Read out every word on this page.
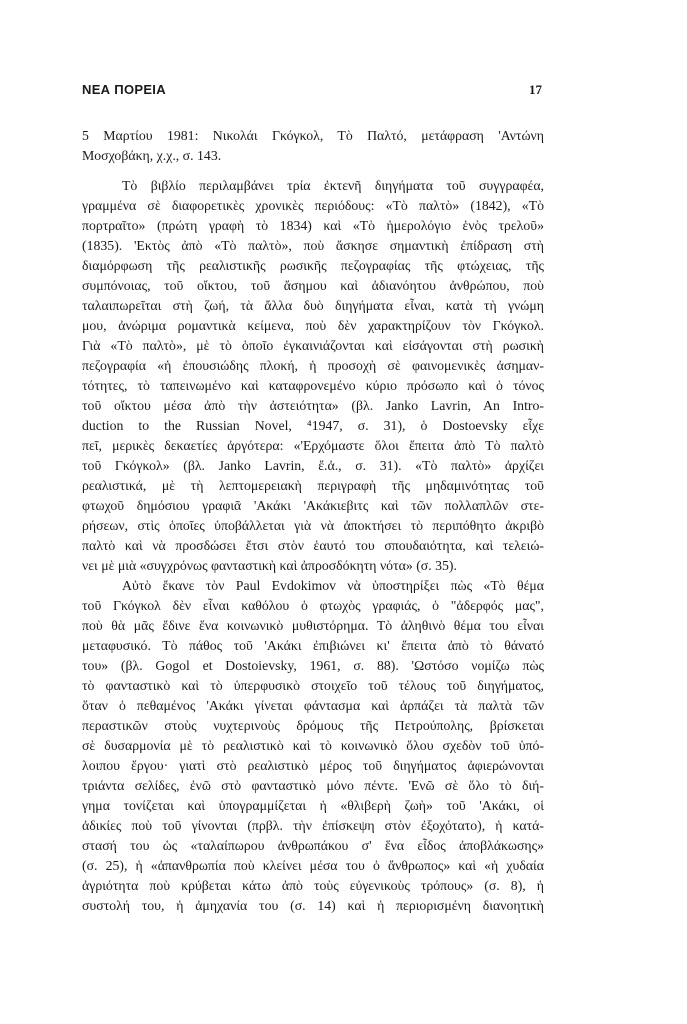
ΝΕΑ ΠΟΡΕΙΑ	17
5 Μαρτίου 1981: Νικολάι Γκόγκολ, Τὸ Παλτό, μετάφραση 'Αντώνη
Μοσχοβάκη, χ.χ., σ. 143.
Τὸ βιβλίο περιλαμβάνει τρία ἐκτενῆ διηγήματα τοῦ συγγραφέα,
γραμμένα σὲ διαφορετικὲς χρονικὲς περιόδους: «Τὸ παλτὸ» (1842), «Τὸ
πορτραῖτο» (πρώτη γραφὴ τὸ 1834) καὶ «Τὸ ἡμερολόγιο ἑνὸς τρελοῦ»
(1835). 'Εκτὸς ἀπὸ «Τὸ παλτὸ», ποὺ ἄσκησε σημαντικὴ ἐπίδραση στὴ
διαμόρφωση τῆς ρεαλιστικῆς ρωσικῆς πεζογραφίας τῆς φτώχειας, τῆς
συμπόνοιας, τοῦ οἴκτου, τοῦ ἄσημου καὶ ἀδιανόητου ἀνθρώπου, ποὺ
ταλαιπωρεῖται στὴ ζωή, τὰ ἄλλα δυὸ διηγήματα εἶναι, κατὰ τὴ γνώμη
μου, ἀνώριμα ρομαντικὰ κείμενα, ποὺ δὲν χαρακτηρίζουν τὸν Γκόγκολ.
Γιὰ «Τὸ παλτὸ», μὲ τὸ ὁποῖο ἐγκαινιάζονται καὶ εἰσάγονται στὴ ρωσικὴ
πεζογραφία «ἡ ἐπουσιώδης πλοκή, ἡ προσοχὴ σὲ φαινομενικὲς ἀσημαν-
τότητες, τὸ ταπεινωμένο καὶ καταφρονεμένο κύριο πρόσωπο καὶ ὁ τόνος
τοῦ οἴκτου μέσα ἀπὸ τὴν ἀστειότητα» (βλ. Janko Lavrin, An Intro-
duction to the Russian Novel, ⁴1947, σ. 31), ὁ Dostoevsky εἶχε
πεῖ, μερικὲς δεκαετίες ἀργότερα: «'Ερχόμαστε ὅλοι ἔπειτα ἀπὸ Τὸ παλτὸ
τοῦ Γκόγκολ» (βλ. Janko Lavrin, ἔ.ἀ., σ. 31). «Τὸ παλτὸ» ἀρχίζει
ρεαλιστικά, μὲ τὴ λεπτομερειακὴ περιγραφὴ τῆς μηδαμινότητας τοῦ
φτωχοῦ δημόσιου γραφιᾶ 'Ακάκι 'Ακάκιεβιτς καὶ τῶν πολλαπλῶν στε-
ρήσεων, στὶς ὁποῖες ὑποβάλλεται γιὰ νὰ ἀποκτήσει τὸ περιπόθητο ἀκριβὸ
παλτὸ καὶ νὰ προσδώσει ἔτσι στὸν ἑαυτό του σπουδαιότητα, καὶ τελειώ-
νει μὲ μιὰ «συγχρόνως φανταστικὴ καὶ ἀπροσδόκητη νότα» (σ. 35).
Αὐτὸ ἔκανε τὸν Paul Evdokimov νὰ ὑποστηρίξει πὼς «Τὸ θέμα
τοῦ Γκόγκολ δὲν εἶναι καθόλου ὁ φτωχὸς γραφιάς, ὁ "ἀδερφός μας",
ποὺ θὰ μᾶς ἔδινε ἕνα κοινωνικὸ μυθιστόρημα. Τὸ ἀληθινὸ θέμα του εἶναι
μεταφυσικό. Τὸ πάθος τοῦ 'Ακάκι ἐπιβιώνει κι' ἔπειτα ἀπὸ τὸ θάνατό
του» (βλ. Gogol et Dostoievsky, 1961, σ. 88). 'Ωστόσο νομίζω πὼς
τὸ φανταστικὸ καὶ τὸ ὑπερφυσικὸ στοιχεῖο τοῦ τέλους τοῦ διηγήματος,
ὅταν ὁ πεθαμένος 'Ακάκι γίνεται φάντασμα καὶ ἁρπάζει τὰ παλτὰ τῶν
περαστικῶν στοὺς νυχτερινοὺς δρόμους τῆς Πετρούπολης, βρίσκεται
σὲ δυσαρμονία μὲ τὸ ρεαλιστικὸ καὶ τὸ κοινωνικὸ ὅλου σχεδὸν τοῦ ὑπό-
λοιπου ἔργου· γιατὶ στὸ ρεαλιστικὸ μέρος τοῦ διηγήματος ἀφιερώνονται
τριάντα σελίδες, ἐνῶ στὸ φανταστικὸ μόνο πέντε. 'Ενῶ σὲ ὅλο τὸ διή-
γημα τονίζεται καὶ ὑπογραμμίζεται ἡ «θλιβερὴ ζωὴ» τοῦ 'Ακάκι, οἱ
ἀδικίες ποὺ τοῦ γίνονται (πρβλ. τὴν ἐπίσκεψη στὸν ἐξοχότατο), ἡ κατά-
στασή του ὡς «ταλαίπωρου ἀνθρωπάκου σ' ἕνα εἶδος ἀποβλάκωσης»
(σ. 25), ἡ «ἀπανθρωπία ποὺ κλείνει μέσα του ὁ ἄνθρωπος» καὶ «ἡ χυδαία
ἀγριότητα ποὺ κρύβεται κάτω ἀπὸ τοὺς εὐγενικοὺς τρόπους» (σ. 8), ἡ
συστολή του, ἡ ἀμηχανία του (σ. 14) καὶ ἡ περιορισμένη διανοητικὴ
